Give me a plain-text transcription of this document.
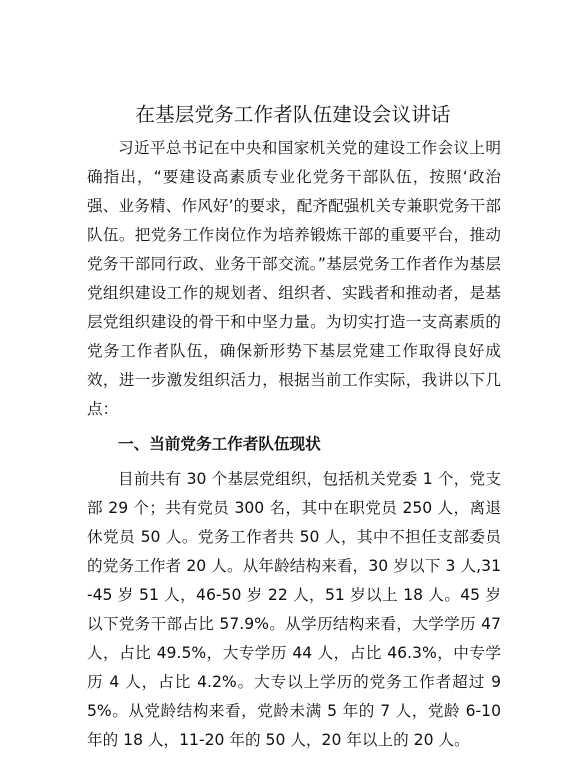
在基层党务工作者队伍建设会议讲话

习近平总书记在中央和国家机关党的建设工作会议上明确指出，“要建设高素质专业化党务干部队伍，按照‘政治强、业务精、作风好’的要求，配齐配强机关专兼职党务干部队伍。把党务工作岗位作为培养锻炼干部的重要平台，推动党务干部同行政、业务干部交流。”基层党务工作者作为基层党组织建设工作的规划者、组织者、实践者和推动者，是基层党组织建设的骨干和中坚力量。为切实打造一支高素质的党务工作者队伍，确保新形势下基层党建工作取得良好成效，进一步激发组织活力，根据当前工作实际，我讲以下几点：

一、当前党务工作者队伍现状

目前共有 30 个基层党组织，包括机关党委 1 个，党支部 29 个；共有党员 300 名，其中在职党员 250 人，离退休党员 50 人。党务工作者共 50 人，其中不担任支部委员的党务工作者 20 人。从年龄结构来看，30 岁以下 3 人,31-45 岁 51 人，46-50 岁 22 人，51 岁以上 18 人。45 岁以下党务干部占比 57.9%。从学历结构来看，大学学历 47 人，占比 49.5%，大专学历 44 人，占比 46.3%，中专学历 4 人，占比 4.2%。大专以上学历的党务工作者超过 95%。从党龄结构来看，党龄未满 5 年的 7 人，党龄 6-10 年的 18 人，11-20 年的 50 人，20 年以上的 20 人。
